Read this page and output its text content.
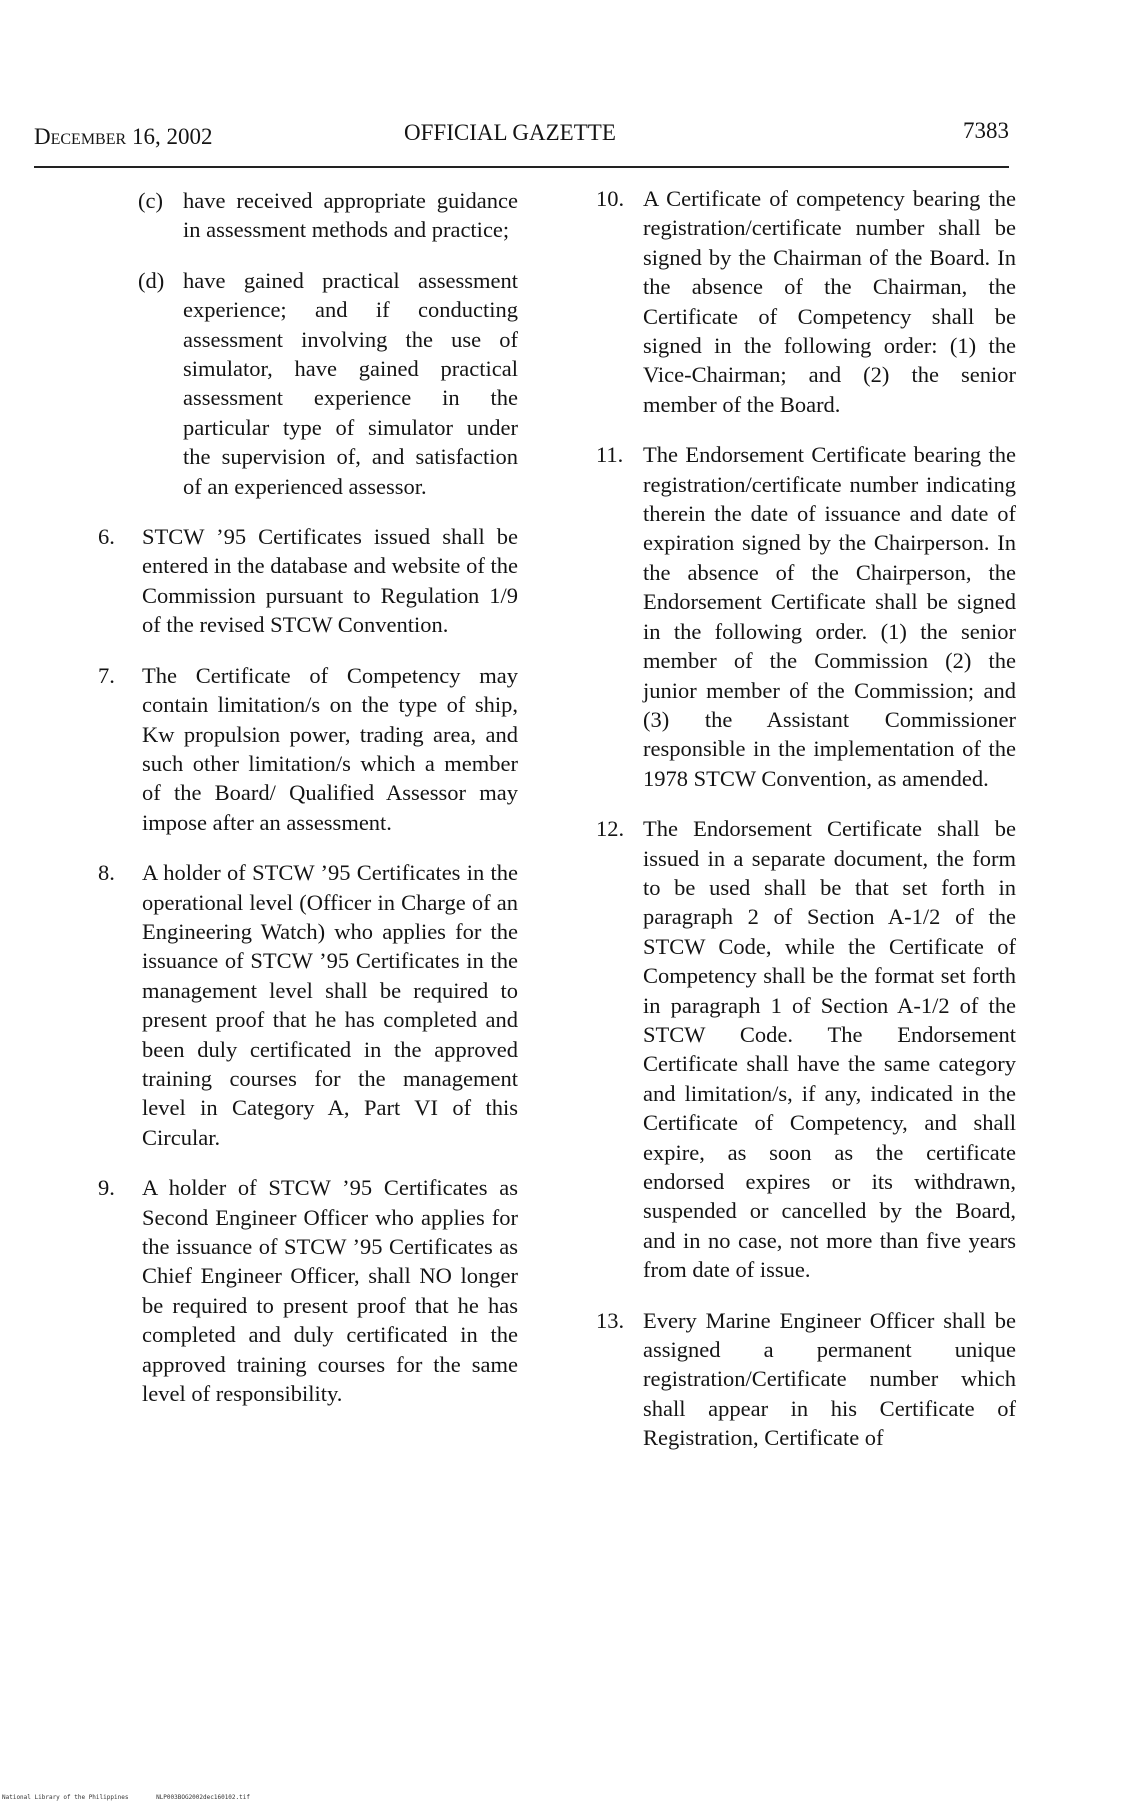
December 16, 2002	OFFICIAL GAZETTE	7383
(c) have received appropriate guidance in assessment methods and practice;
(d) have gained practical assessment experience; and if conducting assessment involving the use of simulator, have gained practical assessment experience in the particular type of simulator under the supervision of, and satisfaction of an experienced assessor.
6. STCW ’95 Certificates issued shall be entered in the database and website of the Commission pursuant to Regulation 1/9 of the revised STCW Convention.
7. The Certificate of Competency may contain limitation/s on the type of ship, Kw propulsion power, trading area, and such other limitation/s which a member of the Board/ Qualified Assessor may impose after an assessment.
8. A holder of STCW ’95 Certificates in the operational level (Officer in Charge of an Engineering Watch) who applies for the issuance of STCW ’95 Certificates in the management level shall be required to present proof that he has completed and been duly certificated in the approved training courses for the management level in Category A, Part VI of this Circular.
9. A holder of STCW ’95 Certificates as Second Engineer Officer who applies for the issuance of STCW ’95 Certificates as Chief Engineer Officer, shall NO longer be required to present proof that he has completed and duly certificated in the approved training courses for the same level of responsibility.
10. A Certificate of competency bearing the registration/certificate number shall be signed by the Chairman of the Board. In the absence of the Chairman, the Certificate of Competency shall be signed in the following order: (1) the Vice-Chairman; and (2) the senior member of the Board.
11. The Endorsement Certificate bearing the registration/certificate number indicating therein the date of issuance and date of expiration signed by the Chairperson. In the absence of the Chairperson, the Endorsement Certificate shall be signed in the following order. (1) the senior member of the Commission (2) the junior member of the Commission; and (3) the Assistant Commissioner responsible in the implementation of the 1978 STCW Convention, as amended.
12. The Endorsement Certificate shall be issued in a separate document, the form to be used shall be that set forth in paragraph 2 of Section A-1/2 of the STCW Code, while the Certificate of Competency shall be the format set forth in paragraph 1 of Section A-1/2 of the STCW Code. The Endorsement Certificate shall have the same category and limitation/s, if any, indicated in the Certificate of Competency, and shall expire, as soon as the certificate endorsed expires or its withdrawn, suspended or cancelled by the Board, and in no case, not more than five years from date of issue.
13. Every Marine Engineer Officer shall be assigned a permanent unique registration/Certificate number which shall appear in his Certificate of Registration, Certificate of
National Library of the Philippines	NLP003BOG2002dec160102.tif
